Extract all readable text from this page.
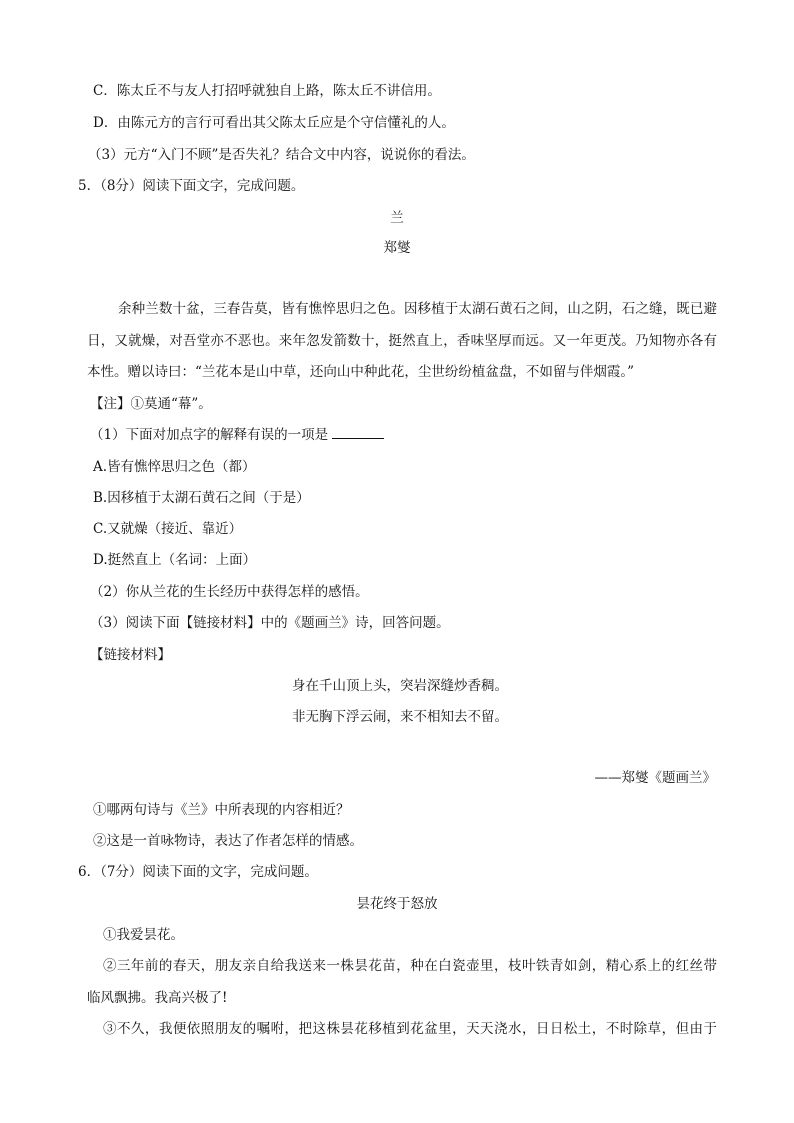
C．陈太丘不与友人打招呼就独自上路，陈太丘不讲信用。
D．由陈元方的言行可看出其父陈太丘应是个守信懂礼的人。
（3）元方“入门不顾”是否失礼？结合文中内容，说说你的看法。
5．（8分）阅读下面文字，完成问题。
兰
郑燮
余种兰数十盆，三春告莫，皆有憔悴思归之色。因移植于太湖石黄石之间，山之阴，石之缝，既已避
日，又就燥，对吾堂亦不恶也。来年忽发箭数十，挺然直上，香味坚厚而远。又一年更茂。乃知物亦各有
本性。赠以诗曰：“兰花本是山中草，还向山中种此花，尘世纷纷植盆盘，不如留与伴烟霞。”
【注】①莫通“幕”。
（1）下面对加点字的解释有误的一项是
A.皆有憔悴思归之色（都）
B.因移植于太湖石黄石之间（于是）
C.又就燥（接近、靠近）
D.挺然直上（名词：上面）
（2）你从兰花的生长经历中获得怎样的感悟。
（3）阅读下面【链接材料】中的《题画兰》诗，回答问题。
【链接材料】
身在千山顶上头，突岩深缝炒香稠。
非无胸下浮云闹，来不相知去不留。
——郑燮《题画兰》
①哪两句诗与《兰》中所表现的内容相近？
②这是一首咏物诗，表达了作者怎样的情感。
6．（7分）阅读下面的文字，完成问题。
昙花终于怒放
①我爱昙花。
②三年前的春天，朋友亲自给我送来一株昙花苗，种在白瓷壶里，枝叶铁青如剑，精心系上的红丝带
临风飘拂。我高兴极了!
③不久，我便依照朋友的嘱咐，把这株昙花移植到花盆里，天天浇水，日日松土，不时除草，但由于
